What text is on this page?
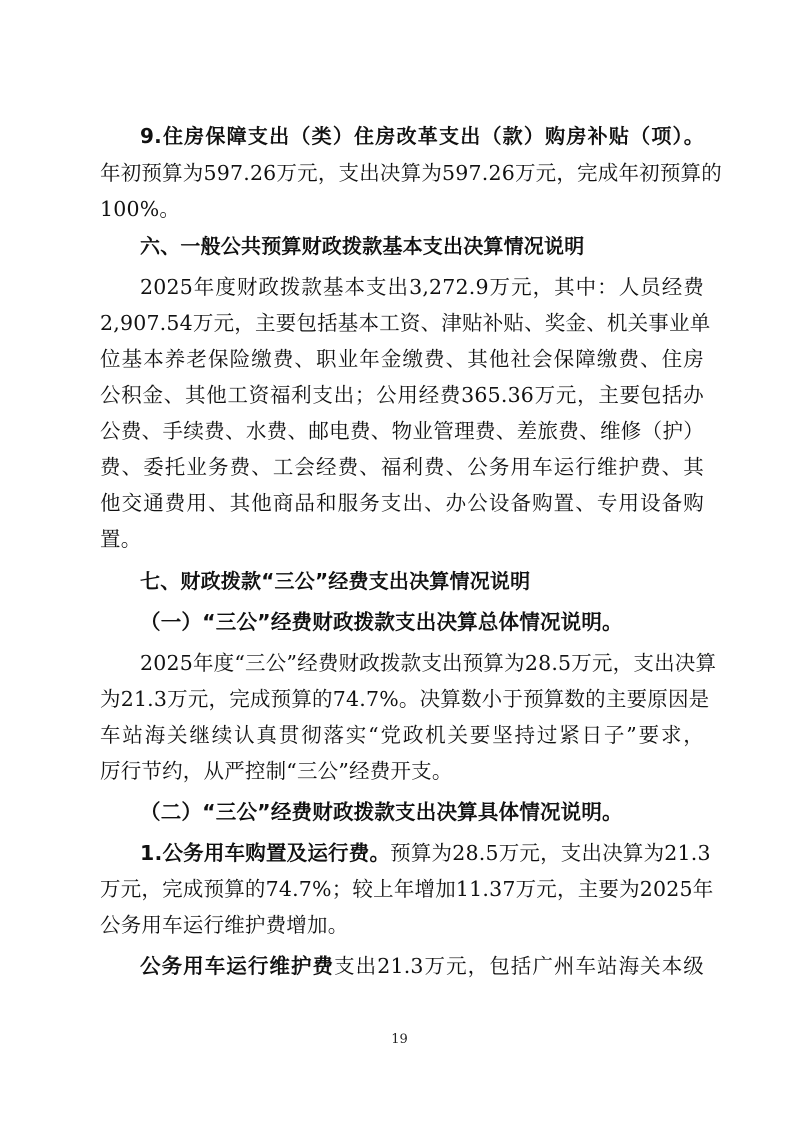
9.住房保障支出（类）住房改革支出（款）购房补贴（项）。
年初预算为597.26万元，支出决算为597.26万元，完成年初预算的
100%。
六、一般公共预算财政拨款基本支出决算情况说明
2025年度财政拨款基本支出3,272.9万元，其中：人员经费
2,907.54万元，主要包括基本工资、津贴补贴、奖金、机关事业单
位基本养老保险缴费、职业年金缴费、其他社会保障缴费、住房
公积金、其他工资福利支出；公用经费365.36万元，主要包括办
公费、手续费、水费、邮电费、物业管理费、差旅费、维修（护）
费、委托业务费、工会经费、福利费、公务用车运行维护费、其
他交通费用、其他商品和服务支出、办公设备购置、专用设备购
置。
七、财政拨款“三公”经费支出决算情况说明
（一）“三公”经费财政拨款支出决算总体情况说明。
2025年度“三公”经费财政拨款支出预算为28.5万元，支出决算
为21.3万元，完成预算的74.7%。决算数小于预算数的主要原因是
车站海关继续认真贯彻落实“党政机关要坚持过紧日子”要求，
厉行节约，从严控制“三公”经费开支。
（二）“三公”经费财政拨款支出决算具体情况说明。
1.公务用车购置及运行费。预算为28.5万元，支出决算为21.3
万元，完成预算的74.7%；较上年增加11.37万元，主要为2025年
公务用车运行维护费增加。
公务用车运行维护费支出21.3万元，包括广州车站海关本级
19
